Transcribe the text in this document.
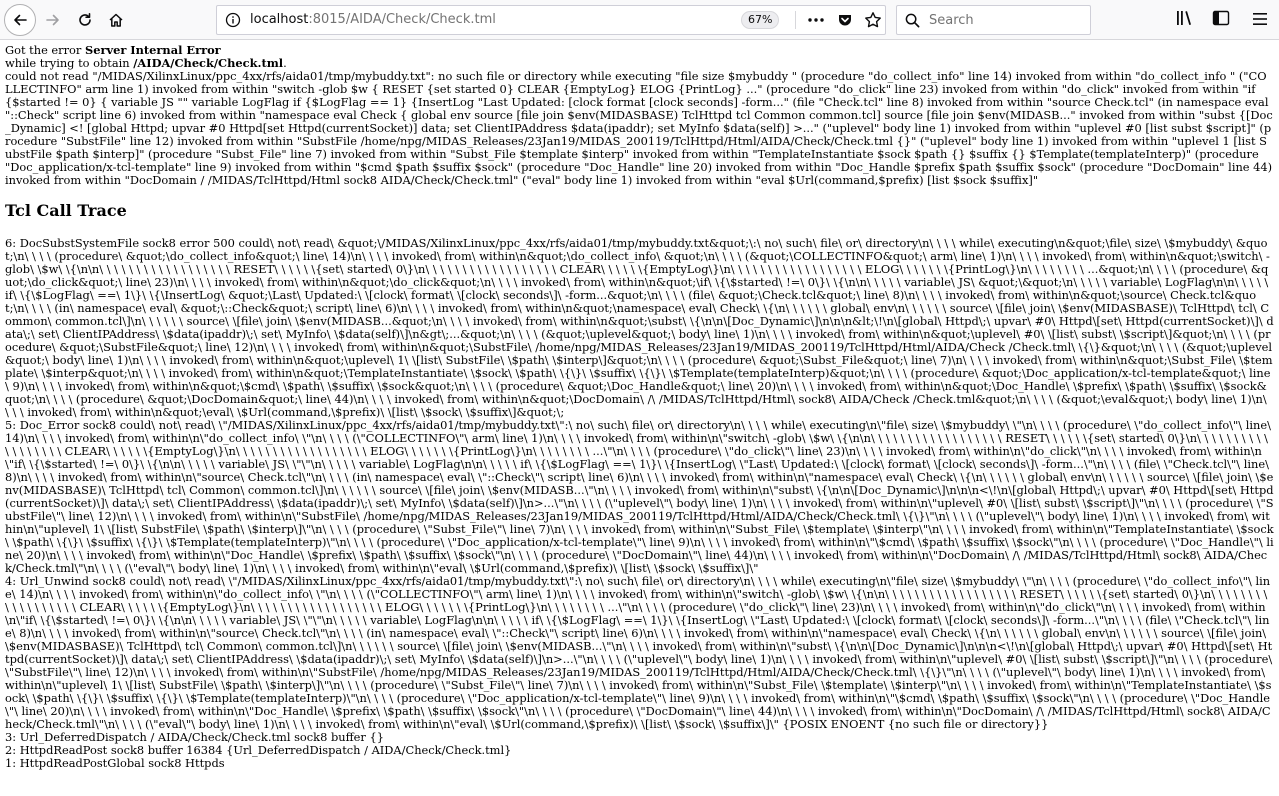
localhost:8015/AIDA/Check/Check.tml	67%
Search
Got the error Server Internal Error
while trying to obtain /AIDA/Check/Check.tml.
could not read "/MIDAS/XilinxLinux/ppc_4xx/rfs/aida01/tmp/mybuddy.txt": no such file or directory while executing "file size $mybuddy " (procedure "do_collect_info" line 14) invoked from within "do_collect_info " ("COLLECTINFO" arm line 1) invoked from within "switch -glob $w { RESET {set started 0} CLEAR {EmptyLog} ELOG {PrintLog} ..." (procedure "do_click" line 23) invoked from within "do_click" invoked from within "if {$started != 0} { variable JS "" variable LogFlag if {$LogFlag == 1} {InsertLog "Last Updated: [clock format [clock seconds] -form..." (file "Check.tcl" line 8) invoked from within "source Check.tcl" (in namespace eval "::Check" script line 6) invoked from within "namespace eval Check { global env source [file join $env(MIDASBASE) TclHttpd tcl Common common.tcl] source [file join $env(MIDASB..." invoked from within "subst {[Doc_Dynamic] <! [global Httpd; upvar #0 Httpd[set Httpd(currentSocket)] data; set ClientIPAddress $data(ipaddr); set MyInfo $data(self)] >..." ("uplevel" body line 1) invoked from within "uplevel #0 [list subst $script]" (procedure "SubstFile" line 12) invoked from within "SubstFile /home/npg/MIDAS_Releases/23Jan19/MIDAS_200119/TclHttpd/Html/AIDA/Check/Check.tml {}" ("uplevel" body line 1) invoked from within "uplevel 1 [list SubstFile $path $interp]" (procedure "Subst_File" line 7) invoked from within "Subst_File $template $interp" invoked from within "TemplateInstantiate $sock $path {} $suffix {} $Template(templateInterp)" (procedure "Doc_application/x-tcl-template" line 9) invoked from within "$cmd $path $suffix $sock" (procedure "Doc_Handle" line 20) invoked from within "Doc_Handle $prefix $path $suffix $sock" (procedure "DocDomain" line 44) invoked from within "DocDomain / /MIDAS/TclHttpd/Html sock8 AIDA/Check/Check.tml" ("eval" body line 1) invoked from within "eval $Url(command,$prefix) [list $sock $suffix]"
Tcl Call Trace
6: DocSubstSystemFile sock8 error 500 could\ not\ read\ &quot;\/MIDAS/XilinxLinux/ppc_4xx/rfs/aida01/tmp/mybuddy.txt&quot;\:\ no\ such\ file\ or\ directory\n\ \ \ \ while\ executing\n&quot;\file\ size\ \$mybuddy\ &quot;\n\ \ \ \ (procedure\ &quot;\do_collect_info&quot;\ line\ 14)\n\ \ \ \ invoked\ from\ within\n&quot;\do_collect_info\ &quot;\n\ \ \ \ (&quot;\COLLECTINFO&quot;\ arm\ line\ 1)\n\ \ \ \ invoked\ from\ within\n&quot;\switch\ -glob\ \$w\ \{\n\n\ \ \ \ \ \ \ \ \ \ \ \ \ \ \ \ \ \ RESET\ \ \ \ \ \{set\ started\ 0\}\n\ \ \ \ \ \ \ \ \ \ \ \ \ \ \ \ \ \ CLEAR\ \ \ \ \ \{EmptyLog\}\n\ \ \ \ \ \ \ \ \ \ \ \ \ \ \ \ \ \ ELOG\ \ \ \ \ \ \{PrintLog\}\n\ \ \ \ \ \ \ \ ...&quot;\n\ \ \ \ (procedure\ &quot;\do_click&quot;\ line\ 23)\n\ \ \ \ invoked\ from\ within\n&quot;\do_click&quot;\n\ \ \ \ invoked\ from\ within\n&quot;\if\ \{\$started\ !=\ 0\}\ \{\n\n\ \ \ \ \ variable\ JS\ &quot;\&quot;\n\ \ \ \ \ variable\ LogFlag\n\n\ \ \ \ \ if\ \{\$LogFlag\ ==\ 1\}\ \{\InsertLog\ &quot;\Last\ Updated:\ \[clock\ format\ \[clock\ seconds\]\ -form...&quot;\n\ \ \ \ (file\ &quot;\Check.tcl&quot;\ line\ 8)\n\ \ \ \ invoked\ from\ within\n&quot;\source\ Check.tcl&quot;\n\ \ \ \ (in\ namespace\ eval\ &quot;\::Check&quot;\ script\ line\ 6)\n\ \ \ \ invoked\ from\ within\n&quot;\namespace\ eval\ Check\ \{\n\ \ \ \ \ \ global\ env\n\ \ \ \ \ \ source\ \[file\ join\ \$env(MIDASBASE)\ TclHttpd\ tcl\ Common\ common.tcl\]\n\ \ \ \ \ \ source\ \[file\ join\ \$env(MIDASB...&quot;\n\ \ \ \ invoked\ from\ within\n&quot;\subst\ \{\n\n\[Doc_Dynamic\]\n\n\n&lt;\!\n\[global\ Httpd\;\ upvar\ #0\ Httpd\[set\ Httpd(currentSocket)\]\ data\;\ set\ ClientIPAddress\ \$data(ipaddr)\;\ set\ MyInfo\ \$data(self)\]\n&gt\;...&quot;\n\ \ \ \ (&quot;\uplevel&quot;\ body\ line\ 1)\n\ \ \ \ invoked\ from\ within\n&quot;\uplevel\ #0\ \[list\ subst\ \$script\]&quot;\n\ \ \ \ (procedure\ &quot;\SubstFile&quot;\ line\ 12)\n\ \ \ \ invoked\ from\ within\n&quot;\SubstFile\ /home/npg/MIDAS_Releases/23Jan19/MIDAS_200119/TclHttpd/Html/AIDA/Check /Check.tml\ \{\}&quot;\n\ \ \ \ (&quot;\uplevel&quot;\ body\ line\ 1)\n\ \ \ \ invoked\ from\ within\n&quot;\uplevel\ 1\ \[list\ SubstFile\ \$path\ \$interp\]&quot;\n\ \ \ \ (procedure\ &quot;\Subst_File&quot;\ line\ 7)\n\ \ \ \ invoked\ from\ within\n&quot;\Subst_File\ \$template\ \$interp&quot;\n\ \ \ \ invoked\ from\ within\n&quot;\TemplateInstantiate\ \$sock\ \$path\ \{\}\ \$suffix\ \{\}\ \$Template(templateInterp)&quot;\n\ \ \ \ (procedure\ &quot;\Doc_application/x-tcl-template&quot;\ line\ 9)\n\ \ \ \ invoked\ from\ within\n&quot;\$cmd\ \$path\ \$suffix\ \$sock&quot;\n\ \ \ \ (procedure\ &quot;\Doc_Handle&quot;\ line\ 20)\n\ \ \ \ invoked\ from\ within\n&quot;\Doc_Handle\ \$prefix\ \$path\ \$suffix\ \$sock&quot;\n\ \ \ \ (procedure\ &quot;\DocDomain&quot;\ line\ 44)\n\ \ \ \ invoked\ from\ within\n&quot;\DocDomain\ /\ /MIDAS/TclHttpd/Html\ sock8\ AIDA/Check /Check.tml&quot;\n\ \ \ \ (&quot;\eval&quot;\ body\ line\ 1)\n\ \ \ \ invoked\ from\ within\n&quot;\eval\ \$Url(command,\$prefix)\ \[list\ \$sock\ \$suffix\]&quot;\;
5: Doc_Error sock8 could\ not\ read\ \"/MIDAS/XilinxLinux/ppc_4xx/rfs/aida01/tmp/mybuddy.txt\":\ no\ such\ file\ or\ directory\n\ \ \ \ while\ executing\n\"file\ size\ \$mybuddy\ \"\n\ \ \ \ (procedure\ \"do_collect_info\"\ line\ 14)\n\ \ \ \ invoked\ from\ within\n\"do_collect_info\ \"\n\ \ \ \ (\"COLLECTINFO\"\ arm\ line\ 1)\n\ \ \ \ invoked\ from\ within\n\"switch\ -glob\ \$w\ \{\n\n\ \ \ \ \ \ \ \ \ \ \ \ \ \ \ \ \ \ RESET\ \ \ \ \ \{set\ started\ 0\}\n\ \ \ \ \ \ \ \ \ \ \ \ \ \ \ \ \ \ CLEAR\ \ \ \ \ \{EmptyLog\}\n\ \ \ \ \ \ \ \ \ \ \ \ \ \ \ \ \ \ ELOG\ \ \ \ \ \ \{PrintLog\}\n\ \ \ \ \ \ \ \ ...\"\n\ \ \ \ (procedure\ \"do_click\"\ line\ 23)\n\ \ \ \ invoked\ from\ within\n\"do_click\"\n\ \ \ \ invoked\ from\ within\n\"if\ \{\$started\ !=\ 0\}\ \{\n\n\ \ \ \ \ variable\ JS\ \"\"\n\ \ \ \ \ variable\ LogFlag\n\n\ \ \ \ \ if\ \{\$LogFlag\ ==\ 1\}\ \{InsertLog\ \"Last\ Updated:\ \[clock\ format\ \[clock\ seconds\]\ -form...\"\n\ \ \ \ (file\ \"Check.tcl\"\ line\ 8)\n\ \ \ \ invoked\ from\ within\n\"source\ Check.tcl\"\n\ \ \ \ (in\ namespace\ eval\ \"::Check\"\ script\ line\ 6)\n\ \ \ \ invoked\ from\ within\n\"namespace\ eval\ Check\ \{\n\ \ \ \ \ \ global\ env\n\ \ \ \ \ \ source\ \[file\ join\ \$env(MIDASBASE)\ TclHttpd\ tcl\ Common\ common.tcl\]\n\ \ \ \ \ \ source\ \[file\ join\ \$env(MIDASB...\"\n\ \ \ \ invoked\ from\ within\n\"subst\ \{\n\n\[Doc_Dynamic\]\n\n\n<\!\n\[global\ Httpd\;\ upvar\ #0\ Httpd\[set\ Httpd(currentSocket)\]\ data\;\ set\ ClientIPAddress\ \$data(ipaddr)\;\ set\ MyInfo\ \$data(self)\]\n>...\"\n\ \ \ \ (\"uplevel\"\ body\ line\ 1)\n\ \ \ \ invoked\ from\ within\n\"uplevel\ #0\ \[list\ subst\ \$script\]\"\n\ \ \ \ (procedure\ \"SubstFile\"\ line\ 12)\n\ \ \ \ invoked\ from\ within\n\"SubstFile\ /home/npg/MIDAS_Releases/23Jan19/MIDAS_200119/TclHttpd/Html/AIDA/Check/Check.tml\ \{\}\"\n\ \ \ \ (\"uplevel\"\ body\ line\ 1)\n\ \ \ \ invoked\ from\ within\n\"uplevel\ 1\ \[list\ SubstFile\ \$path\ \$interp\]\"\n\ \ \ \ (procedure\ \"Subst_File\"\ line\ 7)\n\ \ \ \ invoked\ from\ within\n\"Subst_File\ \$template\ \$interp\"\n\ \ \ \ invoked\ from\ within\n\"TemplateInstantiate\ \$sock\ \$path\ \{\}\ \$suffix\ \{\}\ \$Template(templateInterp)\"\n\ \ \ \ (procedure\ \"Doc_application/x-tcl-template\"\ line\ 9)\n\ \ \ \ invoked\ from\ within\n\"\$cmd\ \$path\ \$suffix\ \$sock\"\n\ \ \ \ (procedure\ \"Doc_Handle\"\ line\ 20)\n\ \ \ \ invoked\ from\ within\n\"Doc_Handle\ \$prefix\ \$path\ \$suffix\ \$sock\"\n\ \ \ \ (procedure\ \"DocDomain\"\ line\ 44)\n\ \ \ \ invoked\ from\ within\n\"DocDomain\ /\ /MIDAS/TclHttpd/Html\ sock8\ AIDA/Check/Check.tml\"\n\ \ \ \ (\"eval\"\ body\ line\ 1)\n\ \ \ \ invoked\ from\ within\n\"eval\ \$Url(command,\$prefix)\ \[list\ \$sock\ \$suffix\]\"
4: Url_Unwind sock8 could\ not\ read\ \"/MIDAS/XilinxLinux/ppc_4xx/rfs/aida01/tmp/mybuddy.txt\":\ no\ such\ file\ or\ directory\n\ \ \ \ while\ executing\n\"file\ size\ \$mybuddy\ \"\n\ \ \ \ (procedure\ \"do_collect_info\"\ line\ 14)\n\ \ \ \ invoked\ from\ within\n\"do_collect_info\ \"\n\ \ \ \ (\"COLLECTINFO\"\ arm\ line\ 1)\n\ \ \ \ invoked\ from\ within\n\"switch\ -glob\ \$w\ \{\n\n\ \ \ \ \ \ \ \ \ \ \ \ \ \ \ \ \ \ RESET\ \ \ \ \ \{set\ started\ 0\}\n\ \ \ \ \ \ \ \ \ \ \ \ \ \ \ \ \ \ CLEAR\ \ \ \ \ \{EmptyLog\}\n\ \ \ \ \ \ \ \ \ \ \ \ \ \ \ \ \ \ ELOG\ \ \ \ \ \ \{PrintLog\}\n\ \ \ \ \ \ \ \ ...\"\n\ \ \ \ (procedure\ \"do_click\"\ line\ 23)\n\ \ \ \ invoked\ from\ within\n\"do_click\"\n\ \ \ \ invoked\ from\ within\n\"if\ \{\$started\ !=\ 0\}\ \{\n\n\ \ \ \ \ variable\ JS\ \"\"\n\ \ \ \ \ variable\ LogFlag\n\n\ \ \ \ \ if\ \{\$LogFlag\ ==\ 1\}\ \{InsertLog\ \"Last\ Updated:\ \[clock\ format\ \[clock\ seconds\]\ -form...\"\n\ \ \ \ (file\ \"Check.tcl\"\ line\ 8)\n\ \ \ \ invoked\ from\ within\n\"source\ Check.tcl\"\n\ \ \ \ (in\ namespace\ eval\ \"::Check\"\ script\ line\ 6)\n\ \ \ \ invoked\ from\ within\n\"namespace\ eval\ Check\ \{\n\ \ \ \ \ \ global\ env\n\ \ \ \ \ \ source\ \[file\ join\ \$env(MIDASBASE)\ TclHttpd\ tcl\ Common\ common.tcl\]\n\ \ \ \ \ \ source\ \[file\ join\ \$env(MIDASB...\"\n\ \ \ \ invoked\ from\ within\n\"subst\ \{\n\n\[Doc_Dynamic\]\n\n\n<\!\n\[global\ Httpd\;\ upvar\ #0\ Httpd\[set\ Httpd(currentSocket)\]\ data\;\ set\ ClientIPAddress\ \$data(ipaddr)\;\ set\ MyInfo\ \$data(self)\]\n>...\"\n\ \ \ \ (\"uplevel\"\ body\ line\ 1)\n\ \ \ \ invoked\ from\ within\n\"uplevel\ #0\ \[list\ subst\ \$script\]\"\n\ \ \ \ (procedure\ \"SubstFile\"\ line\ 12)\n\ \ \ \ invoked\ from\ within\n\"SubstFile\ /home/npg/MIDAS_Releases/23Jan19/MIDAS_200119/TclHttpd/Html/AIDA/Check/Check.tml\ \{\}\"\n\ \ \ \ (\"uplevel\"\ body\ line\ 1)\n\ \ \ \ invoked\ from\ within\n\"uplevel\ 1\ \[list\ SubstFile\ \$path\ \$interp\]\"\n\ \ \ \ (procedure\ \"Subst_File\"\ line\ 7)\n\ \ \ \ invoked\ from\ within\n\"Subst_File\ \$template\ \$interp\"\n\ \ \ \ invoked\ from\ within\n\"TemplateInstantiate\ \$sock\ \$path\ \{\}\ \$suffix\ \{\}\ \$Template(templateInterp)\"\n\ \ \ \ (procedure\ \"Doc_application/x-tcl-template\"\ line\ 9)\n\ \ \ \ invoked\ from\ within\n\"\$cmd\ \$path\ \$suffix\ \$sock\"\n\ \ \ \ (procedure\ \"Doc_Handle\"\ line\ 20)\n\ \ \ \ invoked\ from\ within\n\"Doc_Handle\ \$prefix\ \$path\ \$suffix\ \$sock\"\n\ \ \ \ (procedure\ \"DocDomain\"\ line\ 44)\n\ \ \ \ invoked\ from\ within\n\"DocDomain\ /\ /MIDAS/TclHttpd/Html\ sock8\ AIDA/Check/Check.tml\"\n\ \ \ \ (\"eval\"\ body\ line\ 1)\n\ \ \ \ invoked\ from\ within\n\"eval\ \$Url(command,\$prefix)\ \[list\ \$sock\ \$suffix\]\" {POSIX ENOENT {no such file or directory}}
3: Url_DeferredDispatch / AIDA/Check/Check.tml sock8 buffer {}
2: HttpdReadPost sock8 buffer 16384 {Url_DeferredDispatch / AIDA/Check/Check.tml}
1: HttpdReadPostGlobal sock8 Httpds
